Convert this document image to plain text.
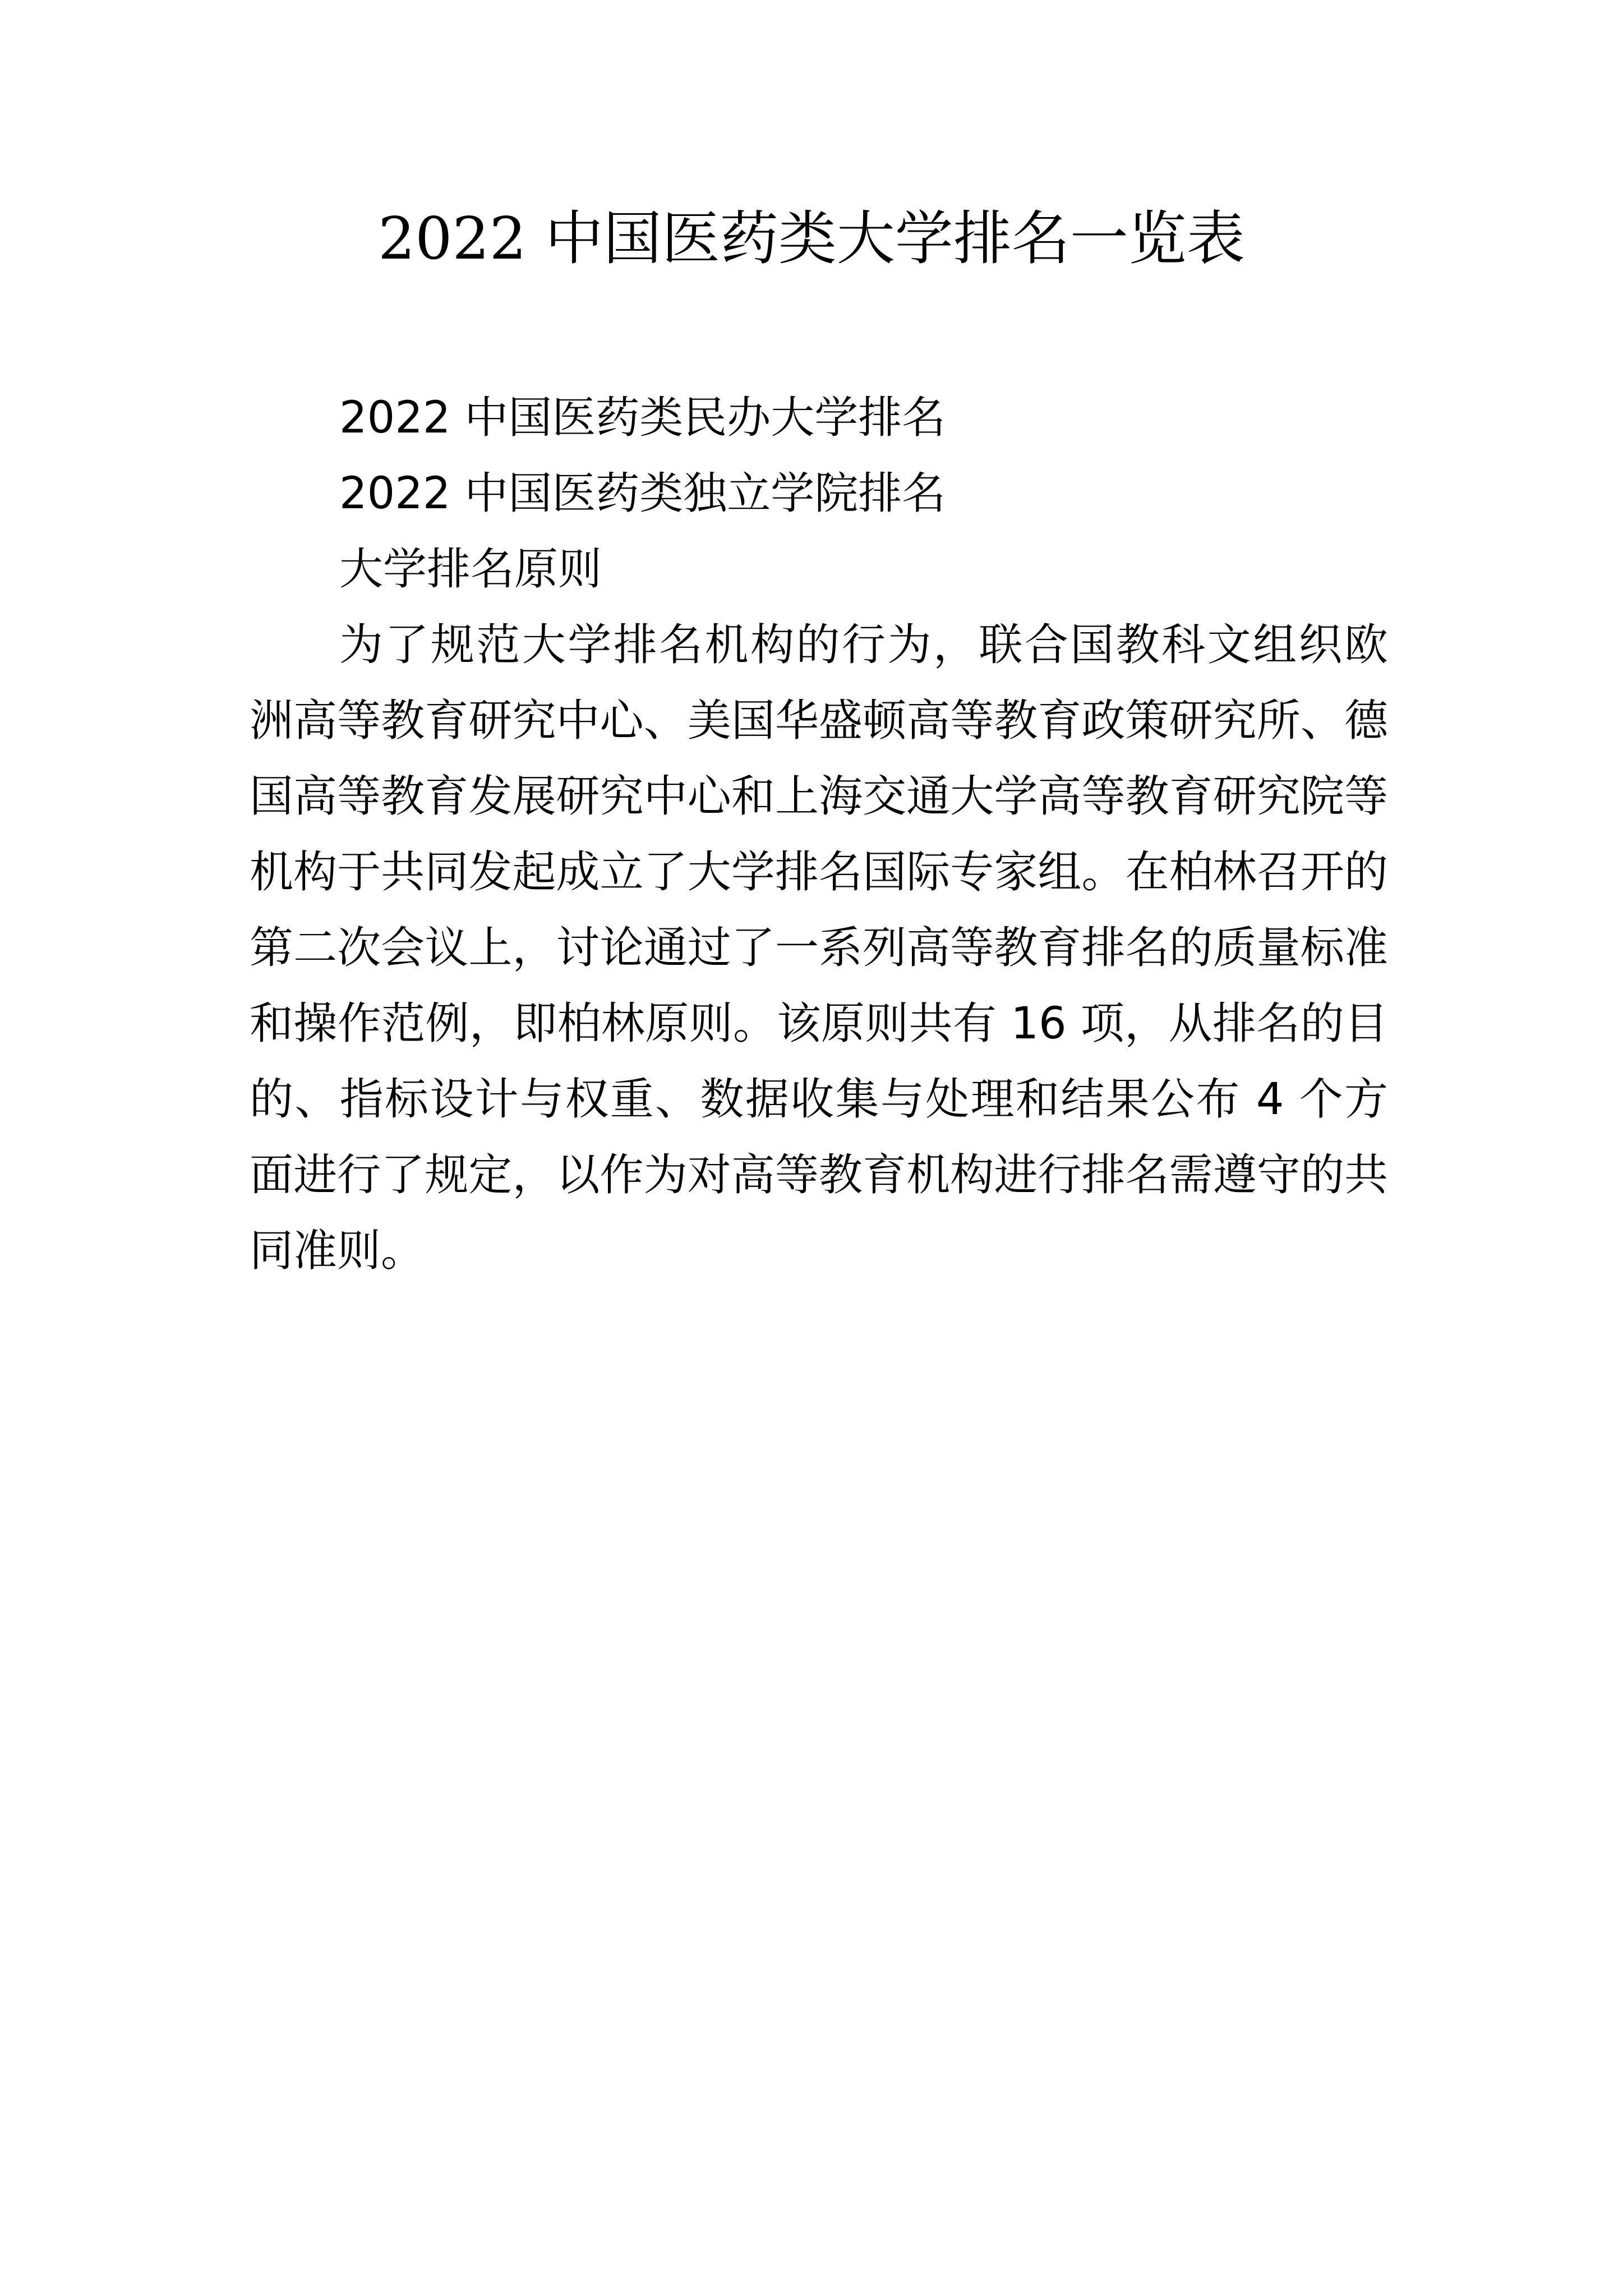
2022 中国医药类大学排名一览表
2022 中国医药类民办大学排名
2022 中国医药类独立学院排名
大学排名原则
为了规范大学排名机构的行为，联合国教科文组织欧洲高等教育研究中心、美国华盛顿高等教育政策研究所、德国高等教育发展研究中心和上海交通大学高等教育研究院等机构于共同发起成立了大学排名国际专家组。在柏林召开的第二次会议上，讨论通过了一系列高等教育排名的质量标准和操作范例，即柏林原则。该原则共有 16 项，从排名的目的、指标设计与权重、数据收集与处理和结果公布 4 个方面进行了规定，以作为对高等教育机构进行排名需遵守的共同准则。
